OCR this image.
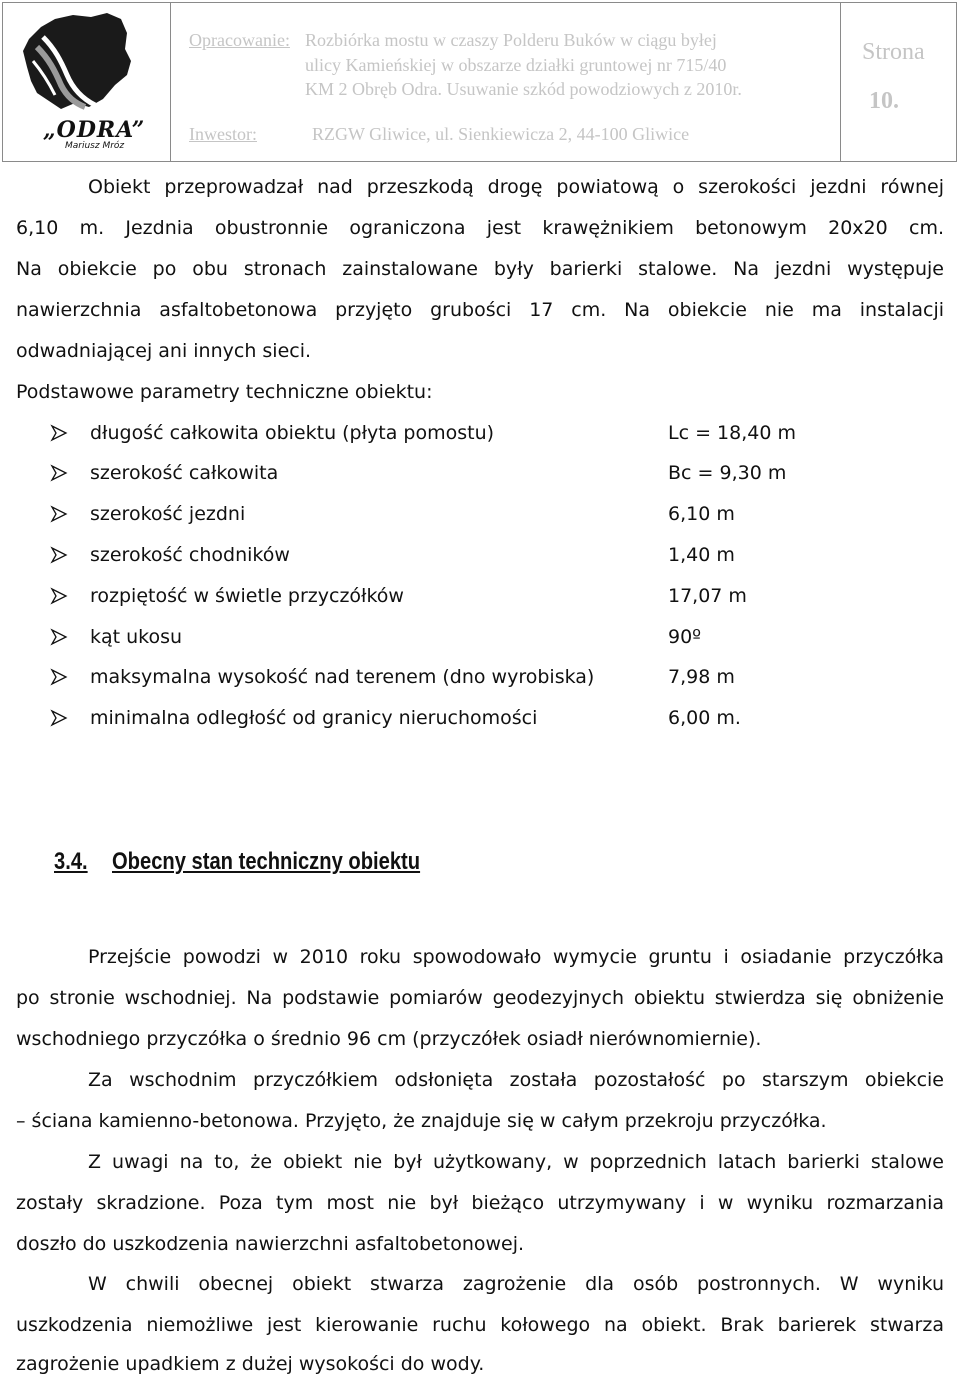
„ODRA”
Mariusz Mróz
Opracowanie: Rozbiórka mostu w czaszy Polderu Buków w ciągu byłej
ulicy Kamieńskiej w obszarze działki gruntowej nr 715/40
KM 2 Obręb Odra. Usuwanie szkód powodziowych z 2010r.
Inwestor:	RZGW Gliwice, ul. Sienkiewicza 2, 44-100 Gliwice
Strona
10.
Obiekt przeprowadzał nad przeszkodą drogę powiatową o szerokości jezdni równej
6,10 m. Jezdnia obustronnie ograniczona jest krawężnikiem betonowym 20x20 cm.
Na obiekcie po obu stronach zainstalowane były barierki stalowe. Na jezdni występuje
nawierzchnia asfaltobetonowa przyjęto grubości 17 cm. Na obiekcie nie ma instalacji
odwadniającej ani innych sieci.
Podstawowe parametry techniczne obiektu:
długość całkowita obiektu (płyta pomostu)	Lc = 18,40 m
szerokość całkowita	Bc = 9,30 m
szerokość jezdni	6,10 m
szerokość chodników	1,40 m
rozpiętość w świetle przyczółków	17,07 m
kąt ukosu	90º
maksymalna wysokość nad terenem (dno wyrobiska)	7,98 m
minimalna odległość od granicy nieruchomości	6,00 m.
3.4. Obecny stan techniczny obiektu
Przejście powodzi w 2010 roku spowodowało wymycie gruntu i osiadanie przyczółka
po stronie wschodniej. Na podstawie pomiarów geodezyjnych obiektu stwierdza się obniżenie
wschodniego przyczółka o średnio 96 cm (przyczółek osiadł nierównomiernie).
Za wschodnim przyczółkiem odsłonięta została pozostałość po starszym obiekcie
– ściana kamienno-betonowa. Przyjęto, że znajduje się w całym przekroju przyczółka.
Z uwagi na to, że obiekt nie był użytkowany, w poprzednich latach barierki stalowe
zostały skradzione. Poza tym most nie był bieżąco utrzymywany i w wyniku rozmarzania
doszło do uszkodzenia nawierzchni asfaltobetonowej.
W chwili obecnej obiekt stwarza zagrożenie dla osób postronnych. W wyniku
uszkodzenia niemożliwe jest kierowanie ruchu kołowego na obiekt. Brak barierek stwarza
zagrożenie upadkiem z dużej wysokości do wody.
